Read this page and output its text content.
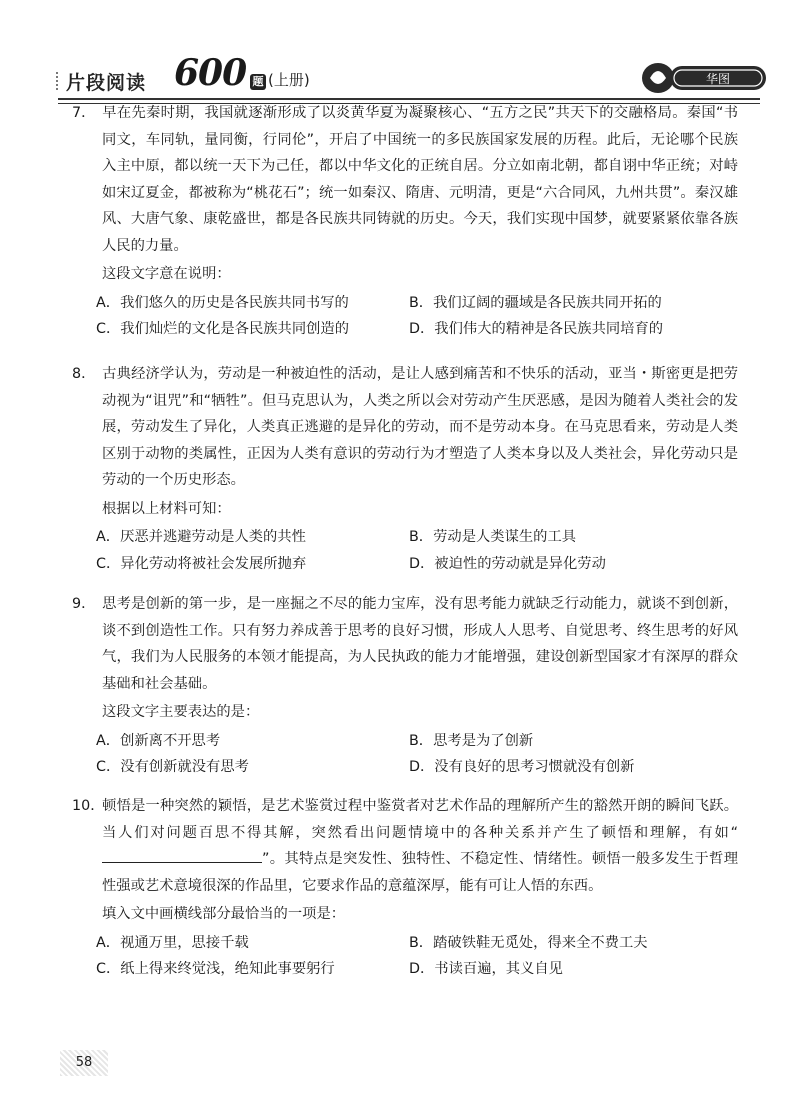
片段阅读 600 题 (上册)	华图
7． 早在先秦时期，我国就逐渐形成了以炎黄华夏为凝聚核心、“五方之民”共天下的交融格局。秦国“书同文，车同轨，量同衡，行同伦”，开启了中国统一的多民族国家发展的历程。此后，无论哪个民族入主中原，都以统一天下为己任，都以中华文化的正统自居。分立如南北朝，都自诩中华正统；对峙如宋辽夏金，都被称为“桃花石”；统一如秦汉、隋唐、元明清，更是“六合同风，九州共贯”。秦汉雄风、大唐气象、康乾盛世，都是各民族共同铸就的历史。今天，我们实现中国梦，就要紧紧依靠各族人民的力量。
这段文字意在说明：
A．我们悠久的历史是各民族共同书写的	B．我们辽阔的疆域是各民族共同开拓的
C．我们灿烂的文化是各民族共同创造的	D．我们伟大的精神是各民族共同培育的
8． 古典经济学认为，劳动是一种被迫性的活动，是让人感到痛苦和不快乐的活动，亚当・斯密更是把劳动视为“诅咒”和“牺牲”。但马克思认为，人类之所以会对劳动产生厌恶感，是因为随着人类社会的发展，劳动发生了异化，人类真正逃避的是异化的劳动，而不是劳动本身。在马克思看来，劳动是人类区别于动物的类属性，正因为人类有意识的劳动行为才塑造了人类本身以及人类社会，异化劳动只是劳动的一个历史形态。
根据以上材料可知：
A．厌恶并逃避劳动是人类的共性	B．劳动是人类谋生的工具
C．异化劳动将被社会发展所抛弃	D．被迫性的劳动就是异化劳动
9． 思考是创新的第一步，是一座掘之不尽的能力宝库，没有思考能力就缺乏行动能力，就谈不到创新，谈不到创造性工作。只有努力养成善于思考的良好习惯，形成人人思考、自觉思考、终生思考的好风气，我们为人民服务的本领才能提高，为人民执政的能力才能增强，建设创新型国家才有深厚的群众基础和社会基础。
这段文字主要表达的是：
A．创新离不开思考	B．思考是为了创新
C．没有创新就没有思考	D．没有良好的思考习惯就没有创新
10．顿悟是一种突然的颖悟，是艺术鉴赏过程中鉴赏者对艺术作品的理解所产生的豁然开朗的瞬间飞跃。当人们对问题百思不得其解，突然看出问题情境中的各种关系并产生了顿悟和理解，有如“”。其特点是突发性、独特性、不稳定性、情绪性。顿悟一般多发生于哲理性强或艺术意境很深的作品里，它要求作品的意蕴深厚，能有可让人悟的东西。
填入文中画横线部分最恰当的一项是：
A．视通万里，思接千载	B．踏破铁鞋无觅处，得来全不费工夫
C．纸上得来终觉浅，绝知此事要躬行	D．书读百遍，其义自见
58
